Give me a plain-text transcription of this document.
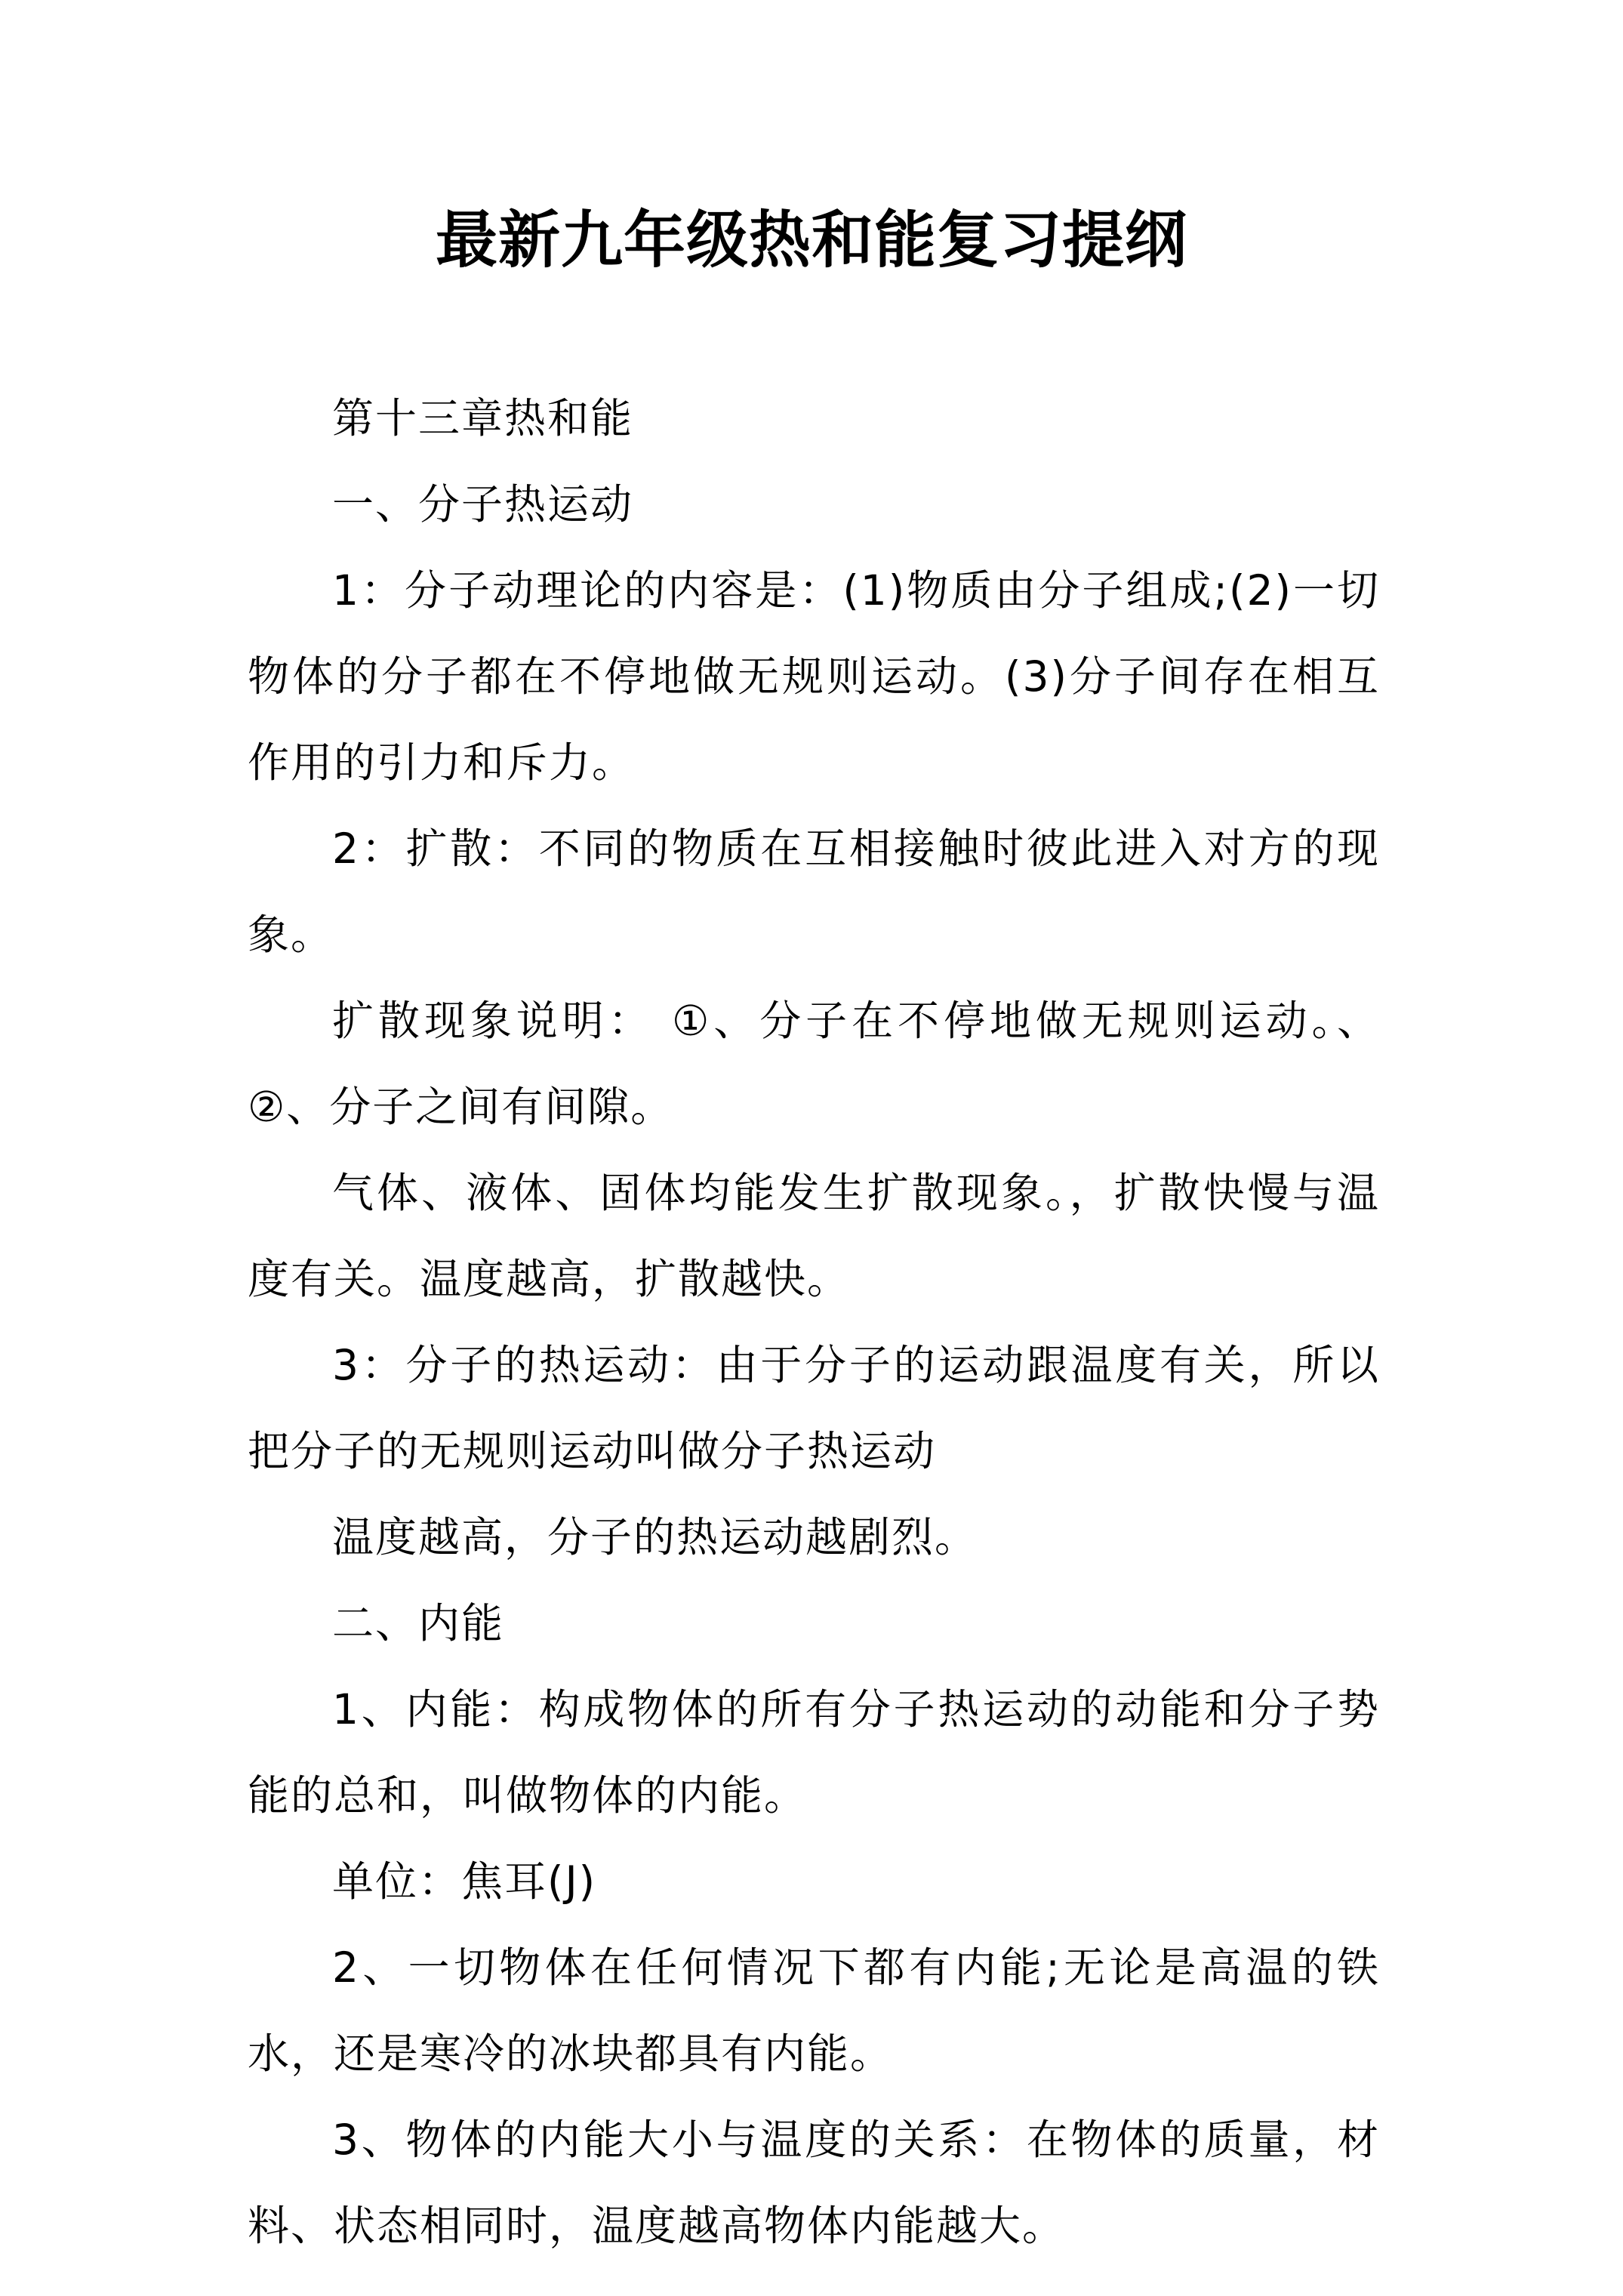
最新九年级热和能复习提纲

第十三章热和能

一、分子热运动

1：分子动理论的内容是：(1)物质由分子组成;(2)一切物体的分子都在不停地做无规则运动。(3)分子间存在相互作用的引力和斥力。

2：扩散：不同的物质在互相接触时彼此进入对方的现象。

扩散现象说明： ①、分子在不停地做无规则运动。、②、分子之间有间隙。

气体、液体、固体均能发生扩散现象。，扩散快慢与温度有关。温度越高，扩散越快。

3：分子的热运动：由于分子的运动跟温度有关，所以把分子的无规则运动叫做分子热运动

温度越高，分子的热运动越剧烈。

二、内能

1、内能：构成物体的所有分子热运动的动能和分子势能的总和，叫做物体的内能。

单位：焦耳(J)

2、一切物体在任何情况下都有内能;无论是高温的铁水，还是寒冷的冰块都具有内能。

3、物体的内能大小与温度的关系：在物体的质量，材料、状态相同时，温度越高物体内能越大。
